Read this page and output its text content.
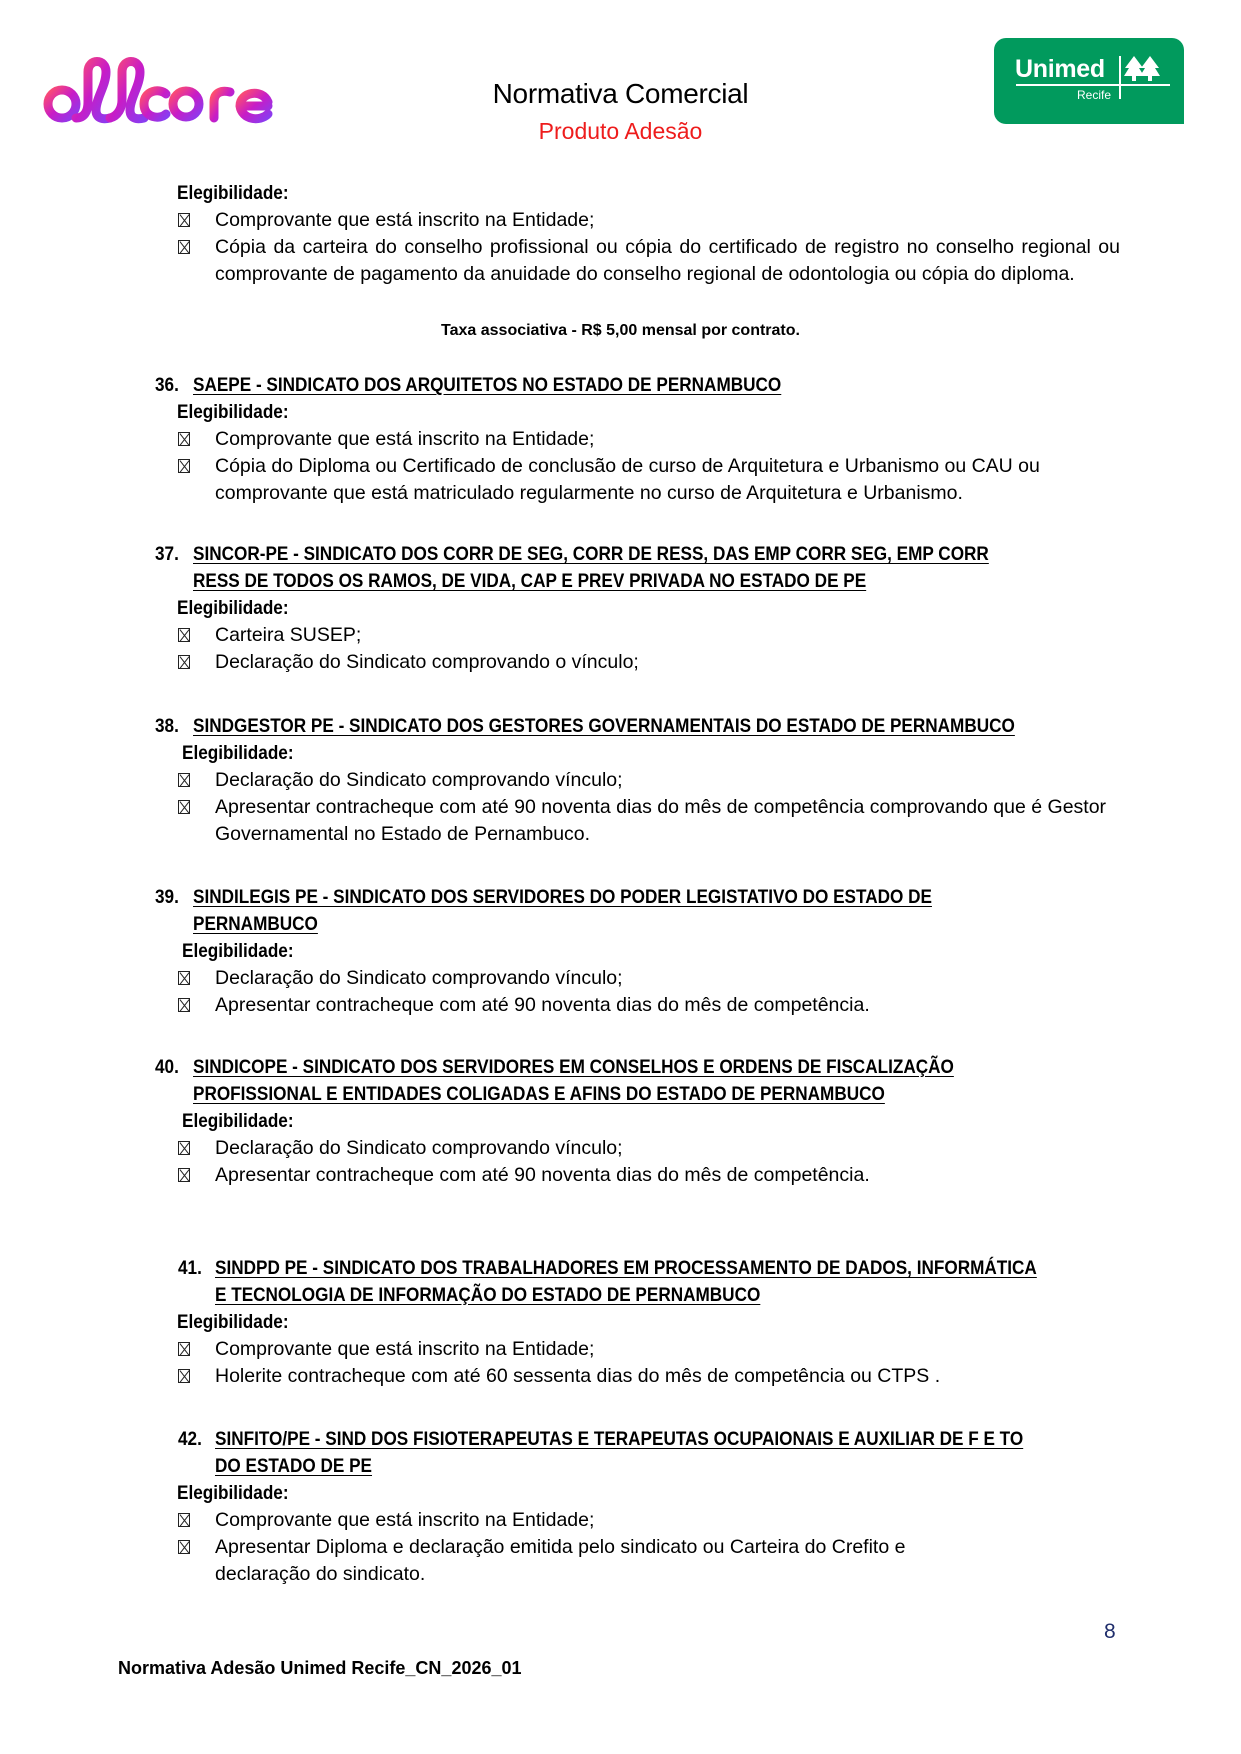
Normativa Comercial
Produto Adesão
Unimed
Recife
Elegibilidade:
Comprovante que está inscrito na Entidade;
Cópia da carteira do conselho profissional ou cópia do certificado de registro no conselho regional ou comprovante de pagamento da anuidade do conselho regional de odontologia ou cópia do diploma.
Taxa associativa - R$ 5,00 mensal por contrato.
36. SAEPE - SINDICATO DOS ARQUITETOS NO ESTADO DE PERNAMBUCO
Elegibilidade:
Comprovante que está inscrito na Entidade;
Cópia do Diploma ou Certificado de conclusão de curso de Arquitetura e Urbanismo ou CAU ou comprovante que está matriculado regularmente no curso de Arquitetura e Urbanismo.
37. SINCOR-PE - SINDICATO DOS CORR DE SEG, CORR DE RESS, DAS EMP CORR SEG, EMP CORR
RESS DE TODOS OS RAMOS, DE VIDA, CAP E PREV PRIVADA NO ESTADO DE PE
Elegibilidade:
Carteira SUSEP;
Declaração do Sindicato comprovando o vínculo;
38. SINDGESTOR PE - SINDICATO DOS GESTORES GOVERNAMENTAIS DO ESTADO DE PERNAMBUCO
Elegibilidade:
Declaração do Sindicato comprovando vínculo;
Apresentar contracheque com até 90 noventa dias do mês de competência comprovando que é Gestor Governamental no Estado de Pernambuco.
39. SINDILEGIS PE - SINDICATO DOS SERVIDORES DO PODER LEGISTATIVO DO ESTADO DE
PERNAMBUCO
Elegibilidade:
Declaração do Sindicato comprovando vínculo;
Apresentar contracheque com até 90 noventa dias do mês de competência.
40. SINDICOPE - SINDICATO DOS SERVIDORES EM CONSELHOS E ORDENS DE FISCALIZAÇÃO
PROFISSIONAL E ENTIDADES COLIGADAS E AFINS DO ESTADO DE PERNAMBUCO
Elegibilidade:
Declaração do Sindicato comprovando vínculo;
Apresentar contracheque com até 90 noventa dias do mês de competência.
41. SINDPD PE - SINDICATO DOS TRABALHADORES EM PROCESSAMENTO DE DADOS, INFORMÁTICA
E TECNOLOGIA DE INFORMAÇÃO DO ESTADO DE PERNAMBUCO
Elegibilidade:
Comprovante que está inscrito na Entidade;
Holerite contracheque com até 60 sessenta dias do mês de competência ou CTPS .
42. SINFITO/PE - SIND DOS FISIOTERAPEUTAS E TERAPEUTAS OCUPAIONAIS E AUXILIAR DE F E TO
DO ESTADO DE PE
Elegibilidade:
Comprovante que está inscrito na Entidade;
Apresentar Diploma e declaração emitida pelo sindicato ou Carteira do Crefito e
declaração do sindicato.
8
Normativa Adesão Unimed Recife_CN_2026_01
